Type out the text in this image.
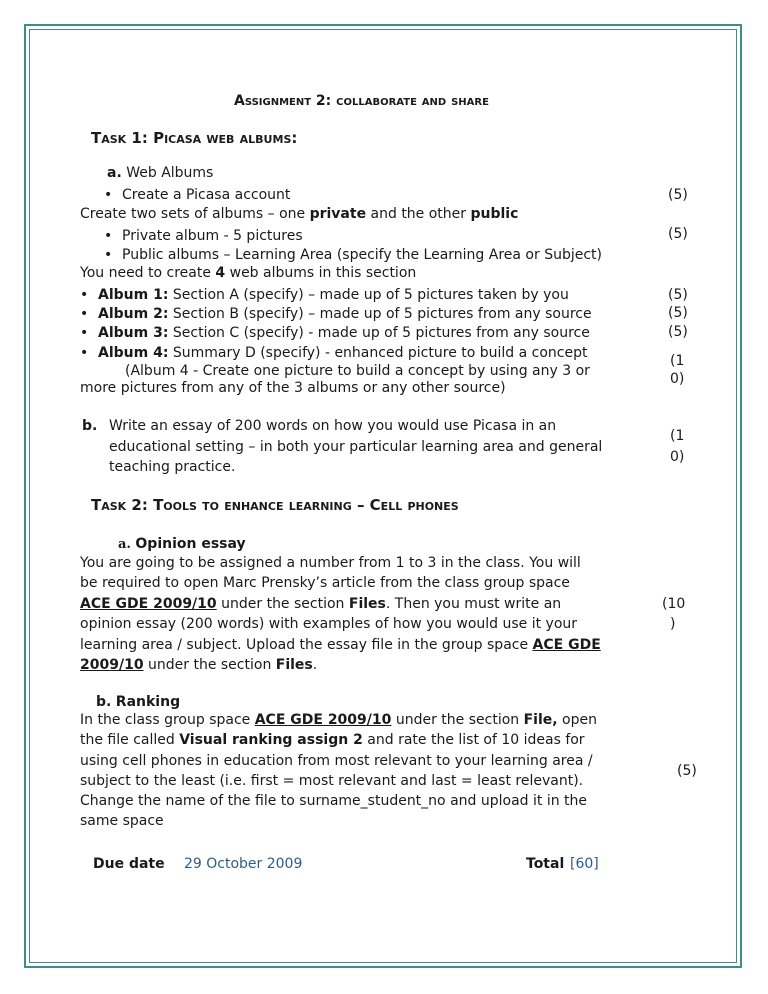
Assignment 2: collaborate and share
Task 1: Picasa web albums:
a. Web Albums
• Create a Picasa account	(5)
Create two sets of albums – one private and the other public
• Private album - 5 pictures	(5)
• Public albums – Learning Area (specify the Learning Area or Subject)
You need to create 4 web albums in this section
• Album 1: Section A (specify) – made up of 5 pictures taken by you	(5)
• Album 2: Section B (specify) – made up of 5 pictures from any source	(5)
• Album 3: Section C (specify) - made up of 5 pictures from any source	(5)
• Album 4: Summary D (specify) - enhanced picture to build a concept
(Album 4 - Create one picture to build a concept by using any 3 or
more pictures from any of the 3 albums or any other source)
(1
0)
b. Write an essay of 200 words on how you would use Picasa in an
educational setting – in both your particular learning area and general
teaching practice.
(1
0)
Task 2: Tools to enhance learning – Cell phones
a. Opinion essay
You are going to be assigned a number from 1 to 3 in the class. You will
be required to open Marc Prensky’s article from the class group space
ACE GDE 2009/10 under the section Files. Then you must write an
opinion essay (200 words) with examples of how you would use it your
learning area / subject. Upload the essay file in the group space ACE GDE
2009/10 under the section Files.
(10
)
b. Ranking
In the class group space ACE GDE 2009/10 under the section File, open
the file called Visual ranking assign 2 and rate the list of 10 ideas for
using cell phones in education from most relevant to your learning area /
subject to the least (i.e. first = most relevant and last = least relevant).
Change the name of the file to surname_student_no and upload it in the
same space
(5)
Due date 29 October 2009	Total [60]
